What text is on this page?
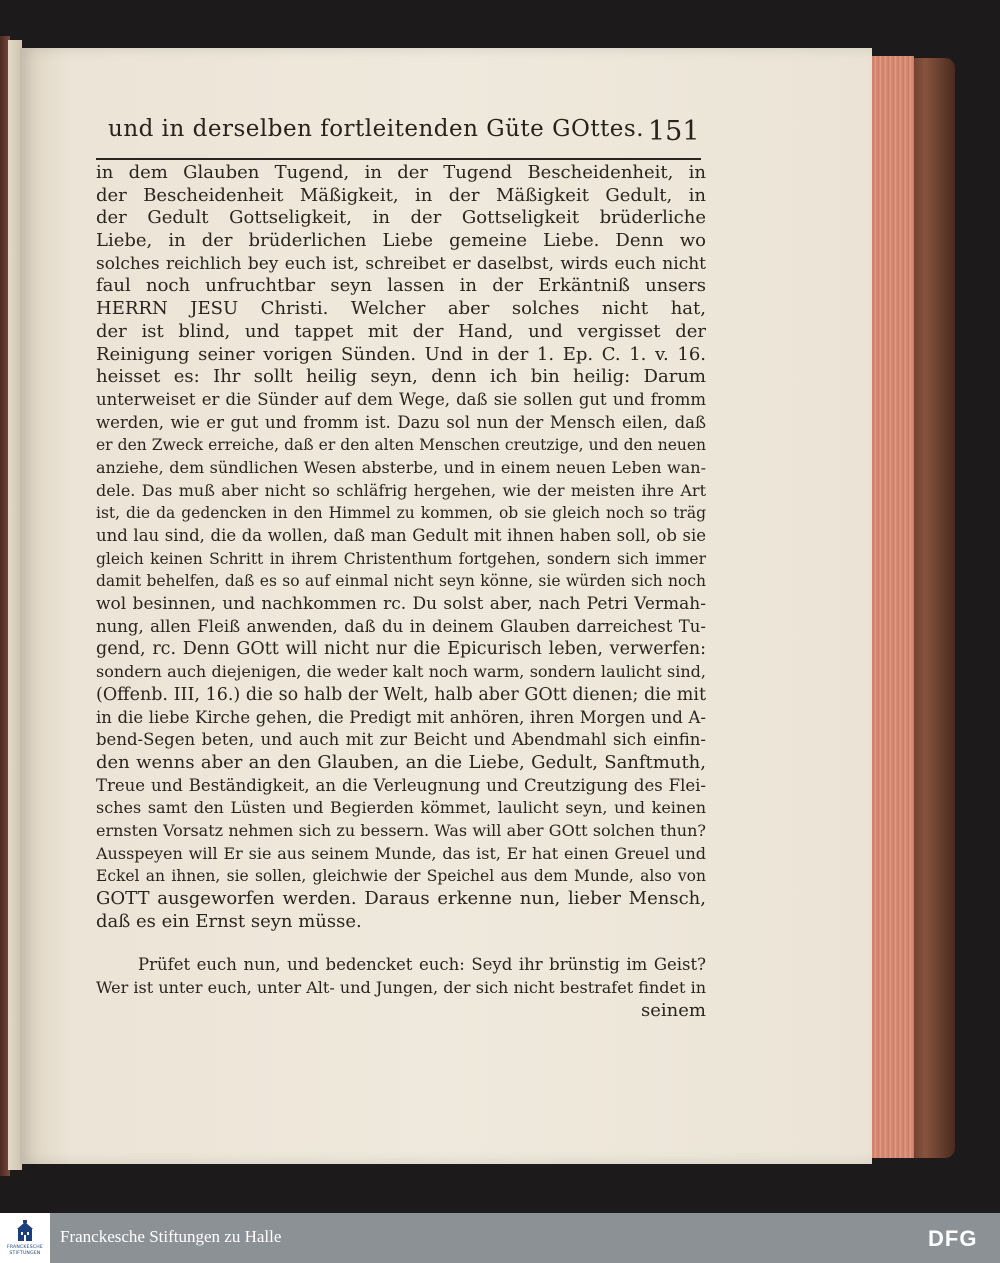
und in derselben fortleitenden Güte GOttes. 151
in dem Glauben Tugend, in der Tugend Bescheidenheit, in
der Bescheidenheit Mäßigkeit, in der Mäßigkeit Gedult, in
der Gedult Gottseligkeit, in der Gottseligkeit brüderliche
Liebe, in der brüderlichen Liebe gemeine Liebe. Denn wo
solches reichlich bey euch ist, schreibet er daselbst, wirds euch nicht
faul noch unfruchtbar seyn lassen in der Erkäntniß unsers
HERRN JESU Christi. Welcher aber solches nicht hat,
der ist blind, und tappet mit der Hand, und vergisset der
Reinigung seiner vorigen Sünden. Und in der 1. Ep. C. 1. v. 16.
heisset es: Ihr sollt heilig seyn, denn ich bin heilig: Darum
unterweiset er die Sünder auf dem Wege, daß sie sollen gut und fromm
werden, wie er gut und fromm ist. Dazu sol nun der Mensch eilen, daß
er den Zweck erreiche, daß er den alten Menschen creutzige, und den neuen
anziehe, dem sündlichen Wesen absterbe, und in einem neuen Leben wan-
dele. Das muß aber nicht so schläfrig hergehen, wie der meisten ihre Art
ist, die da gedencken in den Himmel zu kommen, ob sie gleich noch so träg
und lau sind, die da wollen, daß man Gedult mit ihnen haben soll, ob sie
gleich keinen Schritt in ihrem Christenthum fortgehen, sondern sich immer
damit behelfen, daß es so auf einmal nicht seyn könne, sie würden sich noch
wol besinnen, und nachkommen rc. Du solst aber, nach Petri Vermah-
nung, allen Fleiß anwenden, daß du in deinem Glauben darreichest Tu-
gend, rc. Denn GOtt will nicht nur die Epicurisch leben, verwerfen:
sondern auch diejenigen, die weder kalt noch warm, sondern laulicht sind,
(Offenb. III, 16.) die so halb der Welt, halb aber GOtt dienen; die mit
in die liebe Kirche gehen, die Predigt mit anhören, ihren Morgen und A-
bend-Segen beten, und auch mit zur Beicht und Abendmahl sich einfin-
den wenns aber an den Glauben, an die Liebe, Gedult, Sanftmuth,
Treue und Beständigkeit, an die Verleugnung und Creutzigung des Flei-
sches samt den Lüsten und Begierden kömmet, laulicht seyn, und keinen
ernsten Vorsatz nehmen sich zu bessern. Was will aber GOtt solchen thun?
Ausspeyen will Er sie aus seinem Munde, das ist, Er hat einen Greuel und
Eckel an ihnen, sie sollen, gleichwie der Speichel aus dem Munde, also von
GOTT ausgeworfen werden. Daraus erkenne nun, lieber Mensch,
daß es ein Ernst seyn müsse.
Prüfet euch nun, und bedencket euch: Seyd ihr brünstig im Geist?
Wer ist unter euch, unter Alt- und Jungen, der sich nicht bestrafet findet in
seinem
FRANCKESCHE STIFTUNGEN
Franckesche Stiftungen zu Halle	DFG
